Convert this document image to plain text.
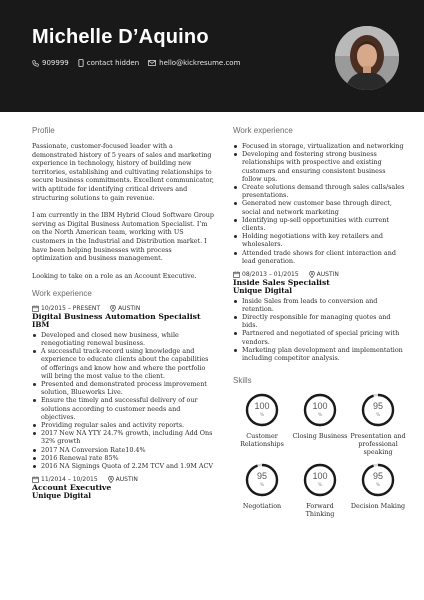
Michelle D’Aquino
909999	contact hidden	hello@kickresume.com
Profile

Passionate, customer-focused leader with a demonstrated history of 5 years of sales and marketing experience in technology, history of building new territories, establishing and cultivating relationships to secure business commitments. Excellent communicator, with aptitude for identifying critical drivers and structuring solutions to gain revenue.

I am currently in the IBM Hybrid Cloud Software Group serving as Digital Business Automation Specialist. I’m on the North American team, working with US customers in the Industrial and Distribution market. I have been helping businesses with process optimization and business management.

Looking to take on a role as an Account Executive.

Work experience
10/2015 – PRESENT	AUSTIN
Digital Business Automation Specialist
IBM
Developed and closed new business, while renegotiating renewal business.
A successful track-record using knowledge and experience to educate clients about the capabilities of offerings and know how and where the portfolio will bring the most value to the client.
Presented and demonstrated process improvement solution, Blueworks Live.
Ensure the timely and successful delivery of our solutions according to customer needs and objectives.
Providing regular sales and activity reports.
2017 New NA YTY 24.7% growth, including Add Ons 32% growth
2017 NA Conversion Rate10.4%
2016 Renewal rate 85%
2016 NA Signings Quota of 2.2M TCV and 1.9M ACV
11/2014 – 10/2015	AUSTIN
Account Executive
Unique Digital
Work experience
Focused in storage, virtualization and networking
Developing and fostering strong business relationships with prospective and existing customers and ensuring consistent business follow ups.
Create solutions demand through sales calls/sales presentations.
Generated new customer base through direct, social and network marketing
Identifying up-sell opportunities with current clients.
Holding negotiations with key retailers and wholesalers.
Attended trade shows for client interaction and lead generation.
08/2013 – 01/2015	AUSTIN
Inside Sales Specialist
Unique Digital
Inside Sales from leads to conversion and retention.
Directly responsible for managing quotes and bids.
Partnered and negotiated of special pricing with vendors.
Marketing plan development and implementation including competitor analysis.
Skills
100
%
Customer Relationships
100
%
Closing Business
95
%
Presentation and professional speaking
95
%
Negotiation
100
%
Forward Thinking
95
%
Decision Making
